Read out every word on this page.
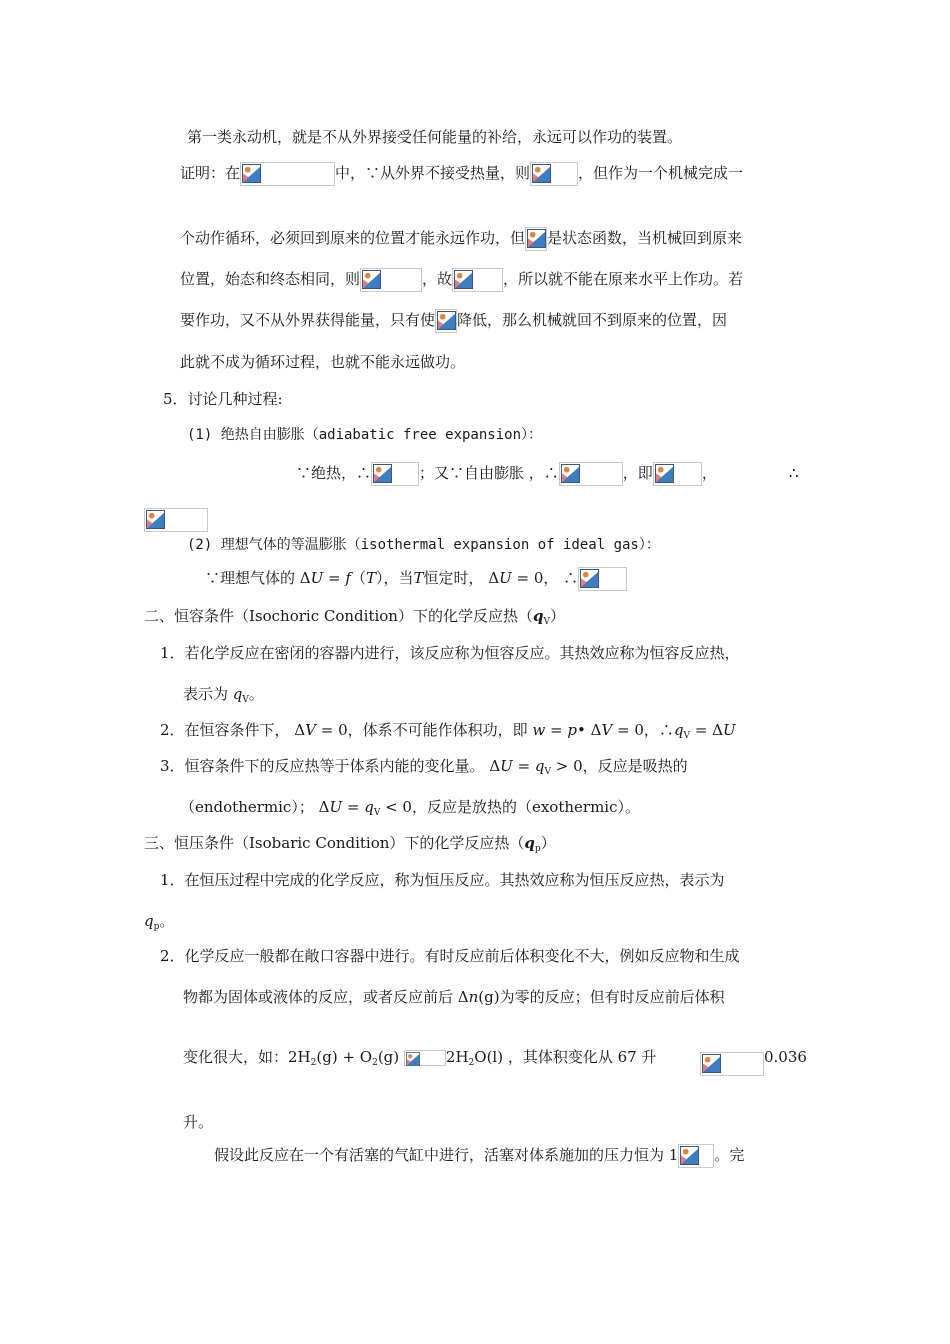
第一类永动机，就是不从外界接受任何能量的补给，永远可以作功的装置。
证明：在	中，∵从外界不接受热量，则	，但作为一个机械完成一
个动作循环，必须回到原来的位置才能永远作功，但 是状态函数，当机械回到原来
位置，始态和终态相同，则	，故	，所以就不能在原来水平上作功。若
要作功，又不从外界获得能量，只有使 降低，那么机械就回不到原来的位置，因
此就不成为循环过程，也就不能永远做功。
5．讨论几种过程:
(1) 绝热自由膨胀（adiabatic free expansion）：
∵绝热，∴	；又∵自由膨胀 ，∴	，即	，	∴
(2) 理想气体的等温膨胀（isothermal expansion of ideal gas）：
∵理想气体的 ΔU = f（T），当T恒定时， ΔU = 0， ∴
二、恒容条件（Isochoric Condition）下的化学反应热$(q_V)$
1．若化学反应在密闭的容器内进行，该反应称为恒容反应。其热效应称为恒容反应热，
表示为 $q_V$。
2．在恒容条件下， ΔV = 0，体系不可能作体积功，即 w = p• ΔV = 0，$\therefore q_V = \Delta U$
3．恒容条件下的反应热等于体系内能的变化量。 $\Delta U = q_V > 0$，反应是吸热的
（endothermic）； $\Delta U = q_V < 0$，反应是放热的（exothermic）。
三、恒压条件（Isobaric Condition）下的化学反应热$(q_p)$
1．在恒压过程中完成的化学反应，称为恒压反应。其热效应称为恒压反应热，表示为
$q_p$。
2．化学反应一般都在敞口容器中进行。有时反应前后体积变化不大，例如反应物和生成
物都为固体或液体的反应，或者反应前后 Δn(g)为零的反应；但有时反应前后体积
变化很大，如：$2H_2(g) + O_2(g)$	$2H_2O(l)$ ，其体积变化从 67 升	0.036
升。
假设此反应在一个有活塞的气缸中进行，活塞对体系施加的压力恒为 1 。完
